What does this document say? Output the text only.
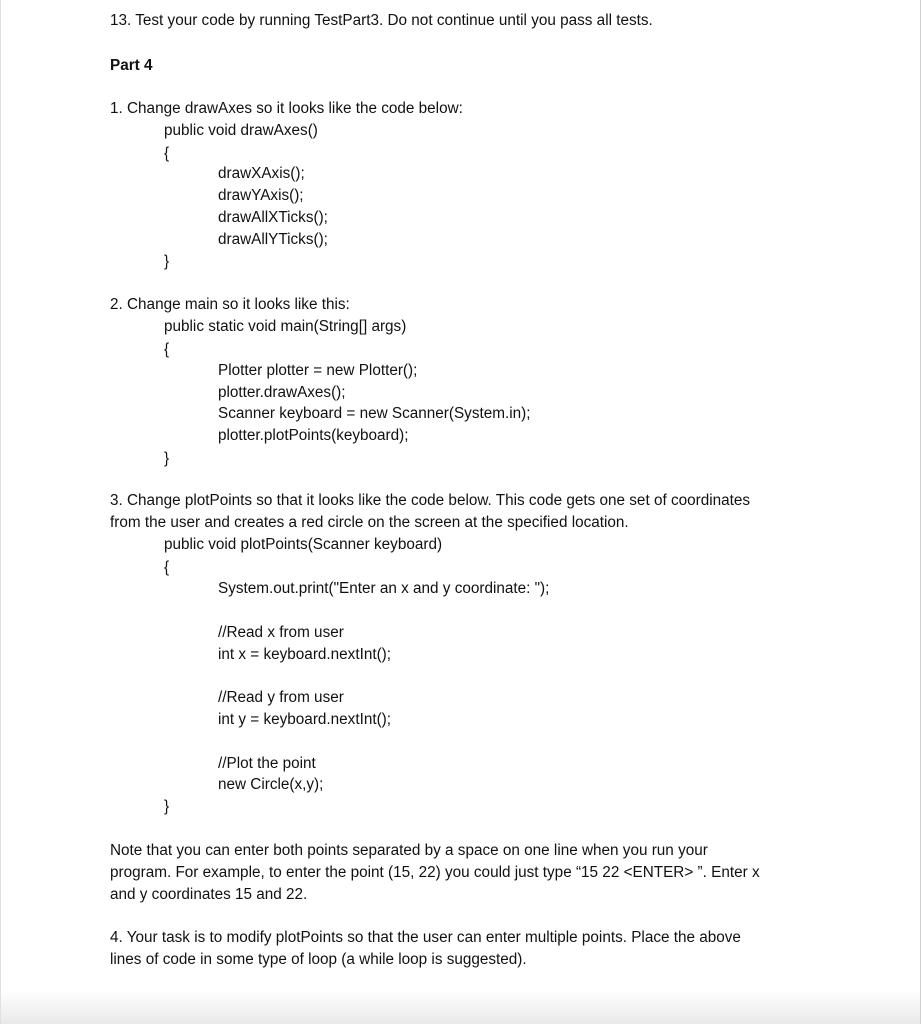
13. Test your code by running TestPart3. Do not continue until you pass all tests.
Part 4
1. Change drawAxes so it looks like the code below:
public void drawAxes()
{
drawXAxis();
drawYAxis();
drawAllXTicks();
drawAllYTicks();
}
2. Change main so it looks like this:
public static void main(String[] args)
{
Plotter plotter = new Plotter();
plotter.drawAxes();
Scanner keyboard = new Scanner(System.in);
plotter.plotPoints(keyboard);
}
3. Change plotPoints so that it looks like the code below. This code gets one set of coordinates
from the user and creates a red circle on the screen at the specified location.
public void plotPoints(Scanner keyboard)
{
System.out.print("Enter an x and y coordinate: ");
//Read x from user
int x = keyboard.nextInt();
//Read y from user
int y = keyboard.nextInt();
//Plot the point
new Circle(x,y);
}
Note that you can enter both points separated by a space on one line when you run your
program. For example, to enter the point (15, 22) you could just type “15 22 <ENTER> ”. Enter x
and y coordinates 15 and 22.
4. Your task is to modify plotPoints so that the user can enter multiple points. Place the above
lines of code in some type of loop (a while loop is suggested).
